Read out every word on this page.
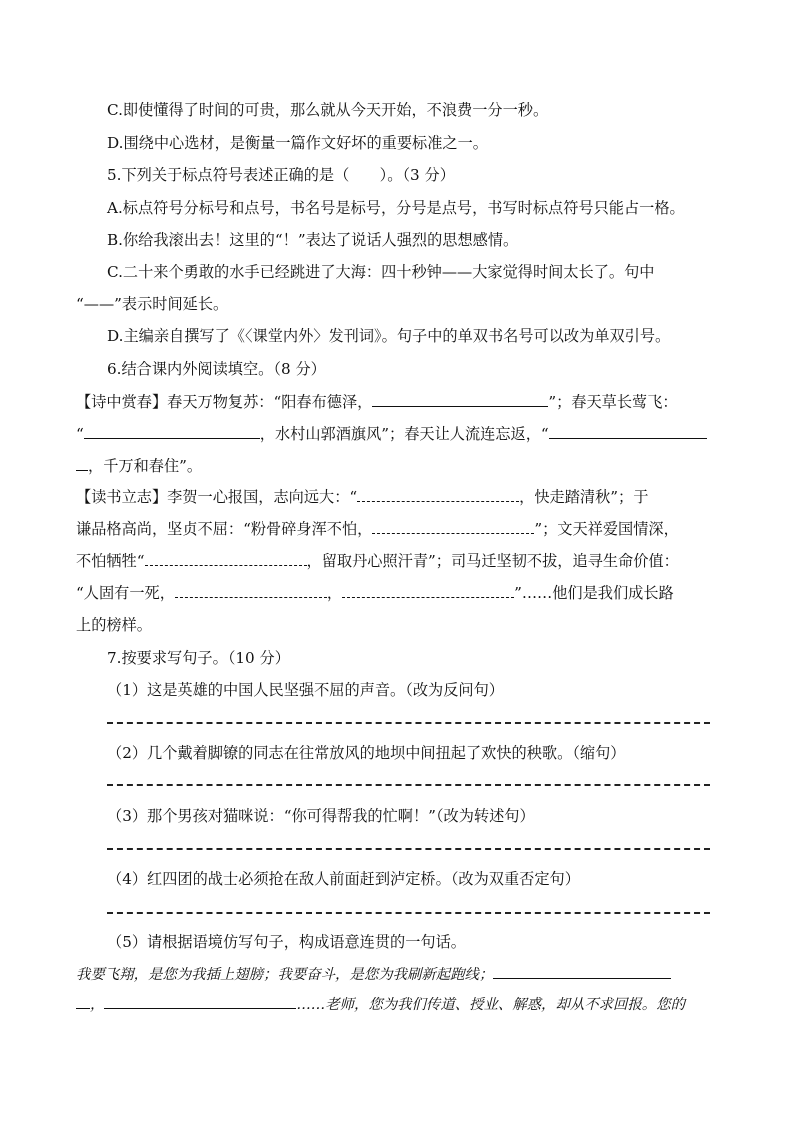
C.即使懂得了时间的可贵，那么就从今天开始，不浪费一分一秒。
D.围绕中心选材，是衡量一篇作文好坏的重要标准之一。
5.下列关于标点符号表述正确的是（　　）。（3 分）
A.标点符号分标号和点号，书名号是标号，分号是点号，书写时标点符号只能占一格。
B.你给我滚出去！这里的“！”表达了说话人强烈的思想感情。
C.二十来个勇敢的水手已经跳进了大海：四十秒钟——大家觉得时间太长了。句中
“——”表示时间延长。
D.主编亲自撰写了《〈课堂内外〉发刊词》。句子中的单双书名号可以改为单双引号。
6.结合课内外阅读填空。（8 分）
【诗中赏春】春天万物复苏：“阳春布德泽，	”；春天草长莺飞：
“	，水村山郭酒旗风”；春天让人流连忘返，“
，千万和春住”。
【读书立志】李贺一心报国，志向远大：“	，快走踏清秋”；于
谦品格高尚，坚贞不屈：“粉骨碎身浑不怕，	”；文天祥爱国情深，
不怕牺牲“	，留取丹心照汗青”；司马迁坚韧不拔，追寻生命价值：
“人固有一死，	，	”……他们是我们成长路
上的榜样。
7.按要求写句子。（10 分）
（1）这是英雄的中国人民坚强不屈的声音。（改为反问句）
（2）几个戴着脚镣的同志在往常放风的地坝中间扭起了欢快的秧歌。（缩句）
（3）那个男孩对猫咪说：“你可得帮我的忙啊！”（改为转述句）
（4）红四团的战士必须抢在敌人前面赶到泸定桥。（改为双重否定句）
（5）请根据语境仿写句子，构成语意连贯的一句话。
我要飞翔，是您为我插上翅膀；我要奋斗，是您为我刷新起跑线；
，	……老师，您为我们传道、授业、解惑，却从不求回报。您的
